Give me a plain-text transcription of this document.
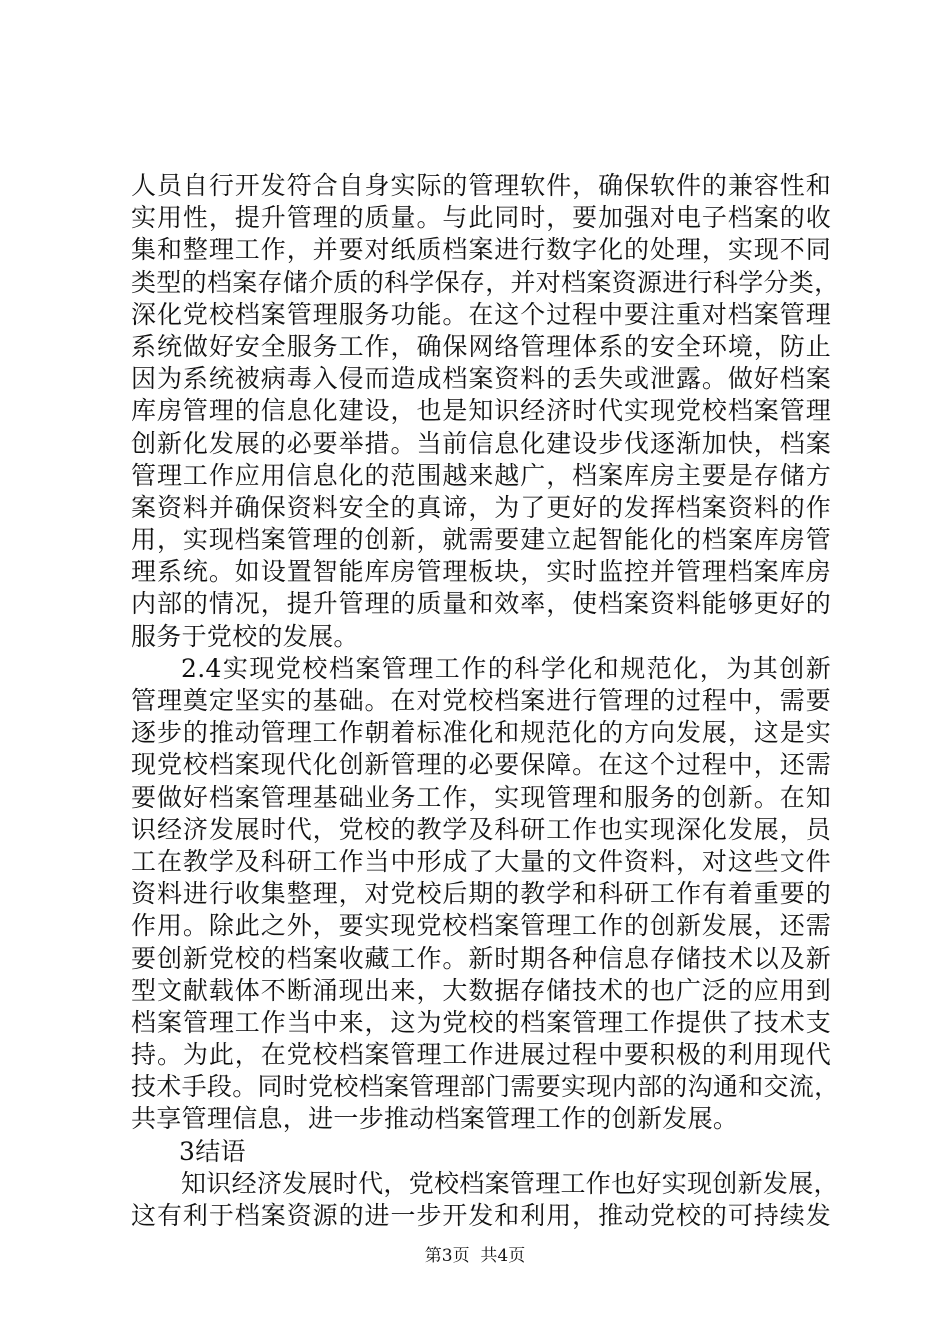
人员自行开发符合自身实际的管理软件，确保软件的兼容性和
实用性，提升管理的质量。与此同时，要加强对电子档案的收
集和整理工作，并要对纸质档案进行数字化的处理，实现不同
类型的档案存储介质的科学保存，并对档案资源进行科学分类，
深化党校档案管理服务功能。在这个过程中要注重对档案管理
系统做好安全服务工作，确保网络管理体系的安全环境，防止
因为系统被病毒入侵而造成档案资料的丢失或泄露。做好档案
库房管理的信息化建设，也是知识经济时代实现党校档案管理
创新化发展的必要举措。当前信息化建设步伐逐渐加快，档案
管理工作应用信息化的范围越来越广，档案库房主要是存储方
案资料并确保资料安全的真谛，为了更好的发挥档案资料的作
用，实现档案管理的创新，就需要建立起智能化的档案库房管
理系统。如设置智能库房管理板块，实时监控并管理档案库房
内部的情况，提升管理的质量和效率，使档案资料能够更好的
服务于党校的发展。
2.4实现党校档案管理工作的科学化和规范化，为其创新
管理奠定坚实的基础。在对党校档案进行管理的过程中，需要
逐步的推动管理工作朝着标准化和规范化的方向发展，这是实
现党校档案现代化创新管理的必要保障。在这个过程中，还需
要做好档案管理基础业务工作，实现管理和服务的创新。在知
识经济发展时代，党校的教学及科研工作也实现深化发展，员
工在教学及科研工作当中形成了大量的文件资料，对这些文件
资料进行收集整理，对党校后期的教学和科研工作有着重要的
作用。除此之外，要实现党校档案管理工作的创新发展，还需
要创新党校的档案收藏工作。新时期各种信息存储技术以及新
型文献载体不断涌现出来，大数据存储技术的也广泛的应用到
档案管理工作当中来，这为党校的档案管理工作提供了技术支
持。为此，在党校档案管理工作进展过程中要积极的利用现代
技术手段。同时党校档案管理部门需要实现内部的沟通和交流，
共享管理信息，进一步推动档案管理工作的创新发展。
3结语
知识经济发展时代，党校档案管理工作也好实现创新发展，
这有利于档案资源的进一步开发和利用，推动党校的可持续发
第3页  共4页
